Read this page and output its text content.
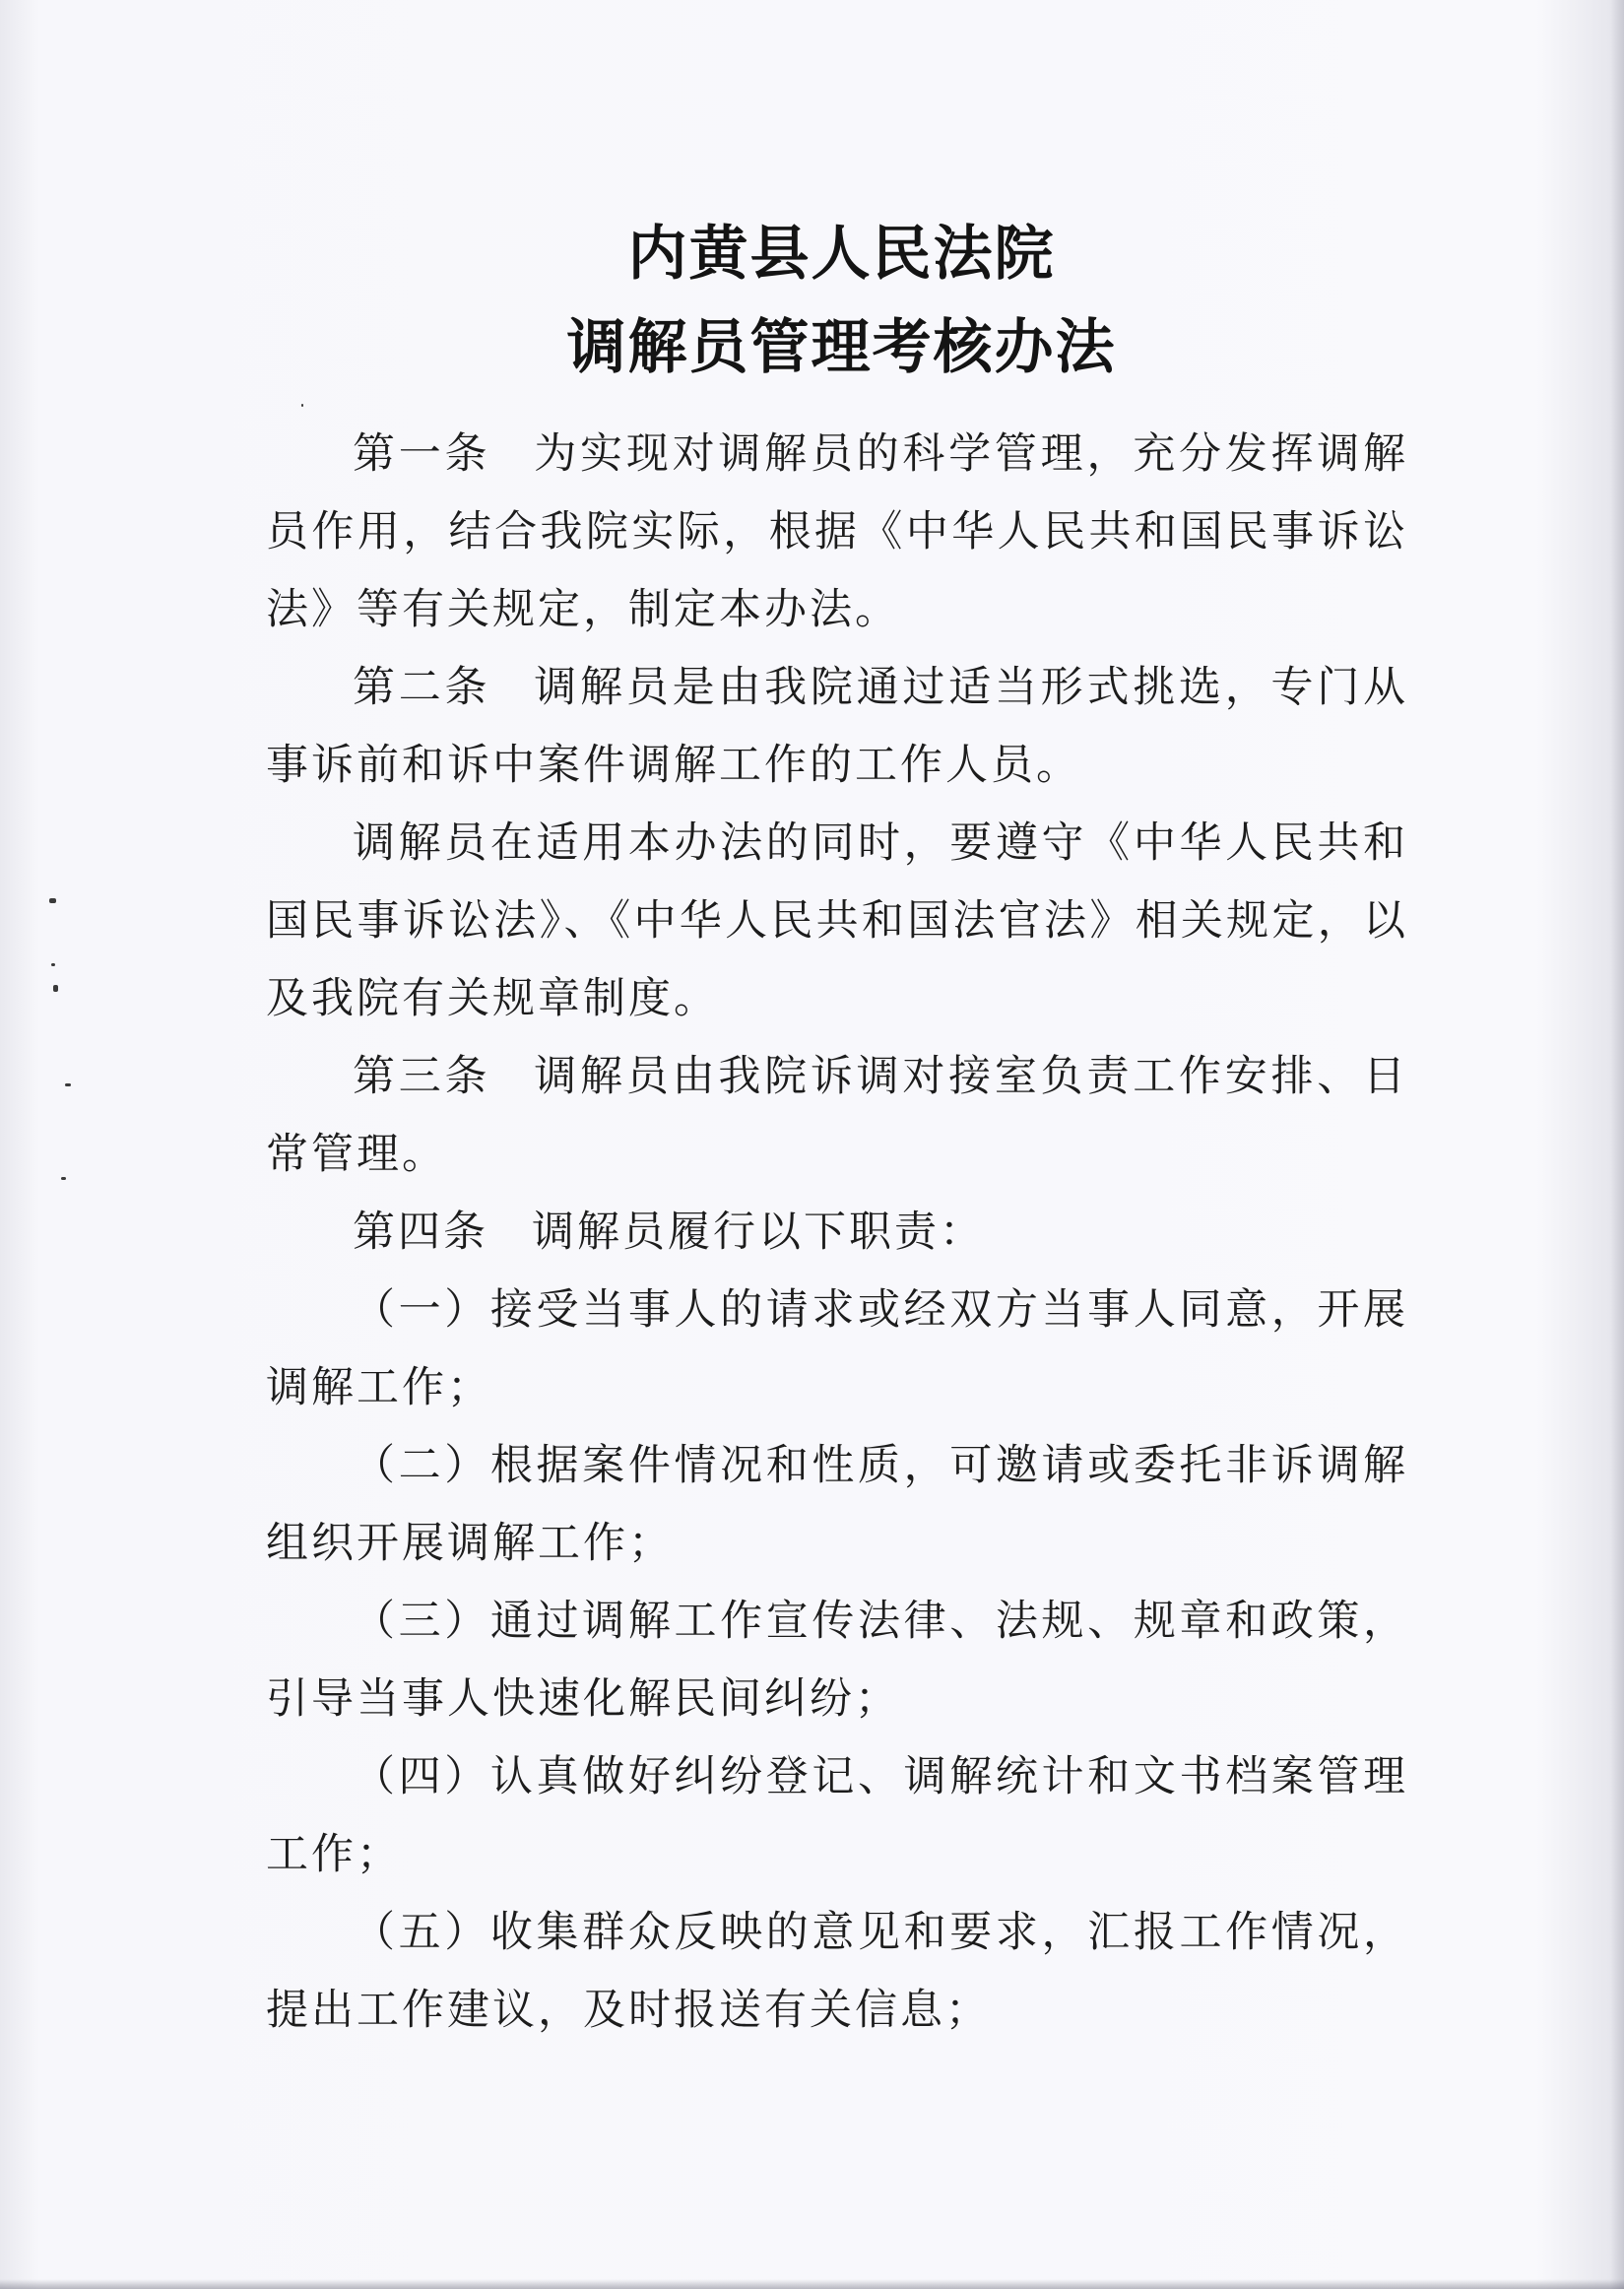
内黄县人民法院
调解员管理考核办法

第一条 为实现对调解员的科学管理，充分发挥调解员作用，结合我院实际，根据《中华人民共和国民事诉讼法》等有关规定，制定本办法。

第二条 调解员是由我院通过适当形式挑选，专门从事诉前和诉中案件调解工作的工作人员。

调解员在适用本办法的同时，要遵守《中华人民共和国民事诉讼法》、《中华人民共和国法官法》相关规定，以及我院有关规章制度。

第三条 调解员由我院诉调对接室负责工作安排、日常管理。

第四条 调解员履行以下职责：

（一）接受当事人的请求或经双方当事人同意，开展调解工作；

（二）根据案件情况和性质，可邀请或委托非诉调解组织开展调解工作；

（三）通过调解工作宣传法律、法规、规章和政策，引导当事人快速化解民间纠纷；

（四）认真做好纠纷登记、调解统计和文书档案管理工作；

（五）收集群众反映的意见和要求，汇报工作情况，提出工作建议，及时报送有关信息；
